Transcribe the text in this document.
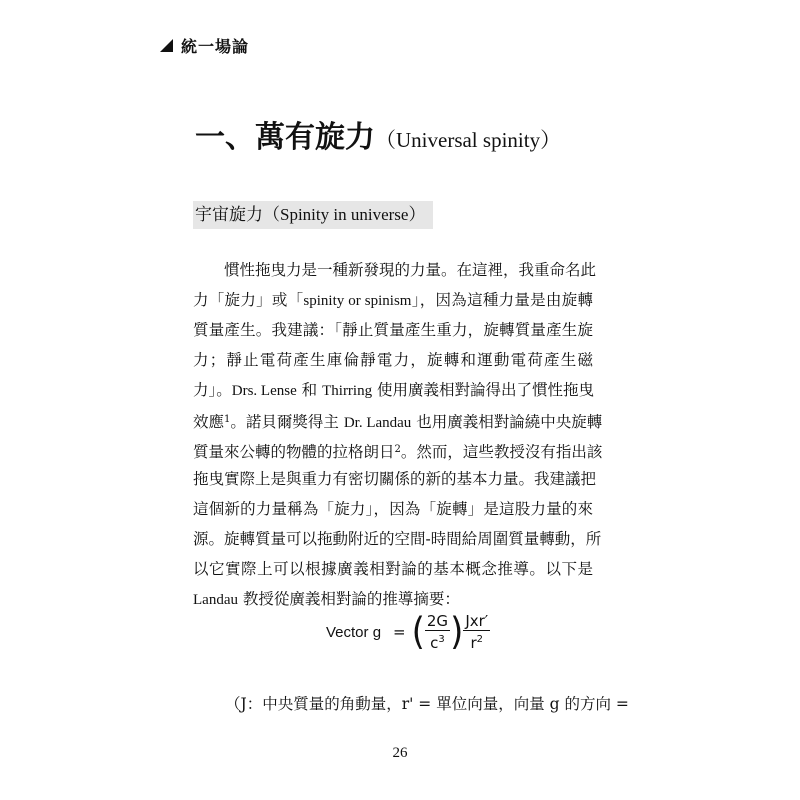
統一場論
一、萬有旋力（Universal spinity）
宇宙旋力（Spinity in universe）
慣性拖曳力是一種新發現的力量。在這裡，我重命名此
力「旋力」或「spinity or spinism」，因為這種力量是由旋轉
質量產生。我建議：「靜止質量產生重力，旋轉質量產生旋
力；靜止電荷產生庫倫靜電力，旋轉和運動電荷產生磁
力」。Drs. Lense 和 Thirring 使用廣義相對論得出了慣性拖曳
效應$^1$。諾貝爾獎得主 Dr. Landau 也用廣義相對論繞中央旋轉
質量來公轉的物體的拉格朗日$^2$。然而，這些教授沒有指出該
拖曳實際上是與重力有密切關係的新的基本力量。我建議把
這個新的力量稱為「旋力」，因為「旋轉」是這股力量的來
源。旋轉質量可以拖動附近的空間-時間給周圍質量轉動，所
以它實際上可以根據廣義相對論的基本概念推導。以下是
Landau 教授從廣義相對論的推導摘要：
Vector g = ( $\frac{2G}{c^3}$ ) $\frac{\text{Jxr′}}{r^2}$
（J：中央質量的角動量，r' = 單位向量，向量 g 的方向 =
26
